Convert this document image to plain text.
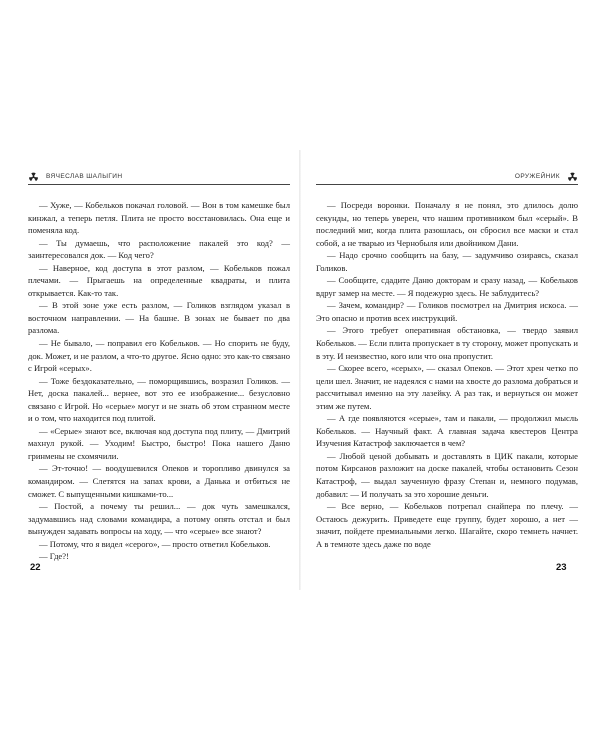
ВЯЧЕСЛАВ ШАЛЫГИН

— Хуже, — Кобельков покачал головой. — Вон в том камешке был кинжал, а теперь петля. Плита не просто восстановилась. Она еще и поменяла код.

— Ты думаешь, что расположение пакалей это код? — заинтересовался док. — Код чего?

— Наверное, код доступа в этот разлом, — Кобельков пожал плечами. — Прыгаешь на определенные квадраты, и плита открывается. Как-то так.

— В этой зоне уже есть разлом, — Голиков взглядом указал в восточном направлении. — На башне. В зонах не бывает по два разлома.

— Не бывало, — поправил его Кобельков. — Но спорить не буду, док. Может, и не разлом, а что-то другое. Ясно одно: это как-то связано с Игрой «серых».

— Тоже бездоказательно, — поморщившись, возразил Голиков. — Нет, доска пакалей... вернее, вот это ее изображение... безусловно связано с Игрой. Но «серые» могут и не знать об этом странном месте и о том, что находится под плитой.

— «Серые» знают все, включая код доступа под плиту, — Дмитрий махнул рукой. — Уходим! Быстро, быстро! Пока нашего Даню гринмены не схомячили.

— Эт-точно! — воодушевился Опеков и торопливо двинулся за командиром. — Слетятся на запах крови, а Данька и отбиться не сможет. С выпущенными кишками-то...

— Постой, а почему ты решил... — док чуть замешкался, задумавшись над словами командира, а потому опять отстал и был вынужден задавать вопросы на ходу, — что «серые» все знают?

— Потому, что я видел «серого», — просто ответил Кобельков.

— Где?!

ОРУЖЕЙНИК

— Посреди воронки. Поначалу я не понял, это длилось долю секунды, но теперь уверен, что нашим противником был «серый». В последний миг, когда плита разошлась, он сбросил все маски и стал собой, а не тварью из Чернобыля или двойником Дани.

— Надо срочно сообщить на базу, — задумчиво озираясь, сказал Голиков.

— Сообщите, сдадите Даню докторам и сразу назад, — Кобельков вдруг замер на месте. — Я подежурю здесь. Не заблудитесь?

— Зачем, командир? — Голиков посмотрел на Дмитрия искоса. — Это опасно и против всех инструкций.

— Этого требует оперативная обстановка, — твердо заявил Кобельков. — Если плита пропускает в ту сторону, может пропускать и в эту. И неизвестно, кого или что она пропустит.

— Скорее всего, «серых», — сказал Опеков. — Этот хрен четко по цели шел. Значит, не надеялся с нами на хвосте до разлома добраться и рассчитывал именно на эту лазейку. А раз так, и вернуться он может этим же путем.

— А где появляются «серые», там и пакали, — продолжил мысль Кобельков. — Научный факт. А главная задача квестеров Центра Изучения Катастроф заключается в чем?

— Любой ценой добывать и доставлять в ЦИК пакали, которые потом Кирсанов разложит на доске пакалей, чтобы остановить Сезон Катастроф, — выдал заученную фразу Степан и, немного подумав, добавил: — И получать за это хорошие деньги.

— Все верно, — Кобельков потрепал снайпера по плечу. — Остаюсь дежурить. Приведете еще группу, будет хорошо, а нет — значит, пойдете премиальными легко. Шагайте, скоро темнеть начнет. А в темноте здесь даже по воде

22	23
